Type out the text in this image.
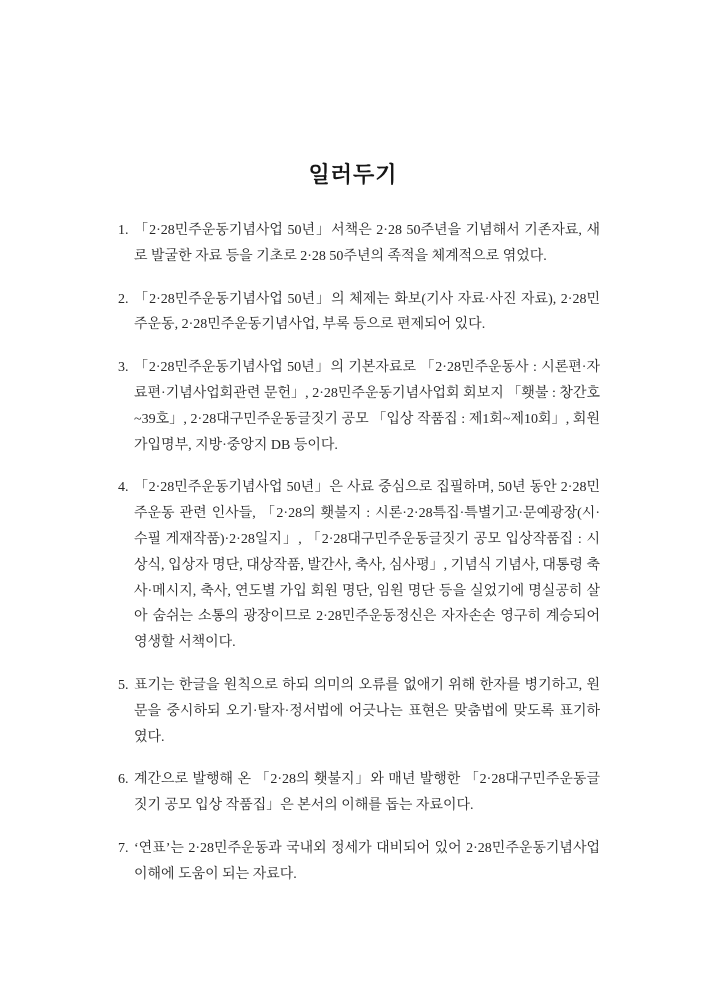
일러두기
1. 「2·28민주운동기념사업 50년」서책은 2·28 50주년을 기념해서 기존자료, 새로 발굴한 자료 등을 기초로 2·28 50주년의 족적을 체계적으로 엮었다.
2. 「2·28민주운동기념사업 50년」의 체제는 화보(기사 자료·사진 자료), 2·28민주운동, 2·28민주운동기념사업, 부록 등으로 편제되어 있다.
3. 「2·28민주운동기념사업 50년」의 기본자료로 「2·28민주운동사 : 시론편·자료편·기념사업회관련 문헌」, 2·28민주운동기념사업회 회보지 「횃불 : 창간호~39호」, 2·28대구민주운동글짓기 공모 「입상 작품집 : 제1회~제10회」, 회원가입명부, 지방·중앙지 DB 등이다.
4. 「2·28민주운동기념사업 50년」은 사료 중심으로 집필하며, 50년 동안 2·28민주운동 관련 인사들, 「2·28의 횃불지 : 시론·2·28특집·특별기고·문예광장(시·수필 게재작품)·2·28일지」, 「2·28대구민주운동글짓기 공모 입상작품집 : 시상식, 입상자 명단, 대상작품, 발간사, 축사, 심사평」, 기념식 기념사, 대통령 축사·메시지, 축사, 연도별 가입 회원 명단, 임원 명단 등을 실었기에 명실공히 살아 숨쉬는 소통의 광장이므로 2·28민주운동정신은 자자손손 영구히 계승되어 영생할 서책이다.
5. 표기는 한글을 원칙으로 하되 의미의 오류를 없애기 위해 한자를 병기하고, 원문을 중시하되 오기·탈자·정서법에 어긋나는 표현은 맞춤법에 맞도록 표기하였다.
6. 계간으로 발행해 온 「2·28의 횃불지」와 매년 발행한 「2·28대구민주운동글짓기 공모 입상 작품집」은 본서의 이해를 돕는 자료이다.
7. ‘연표’는 2·28민주운동과 국내외 정세가 대비되어 있어 2·28민주운동기념사업 이해에 도움이 되는 자료다.
